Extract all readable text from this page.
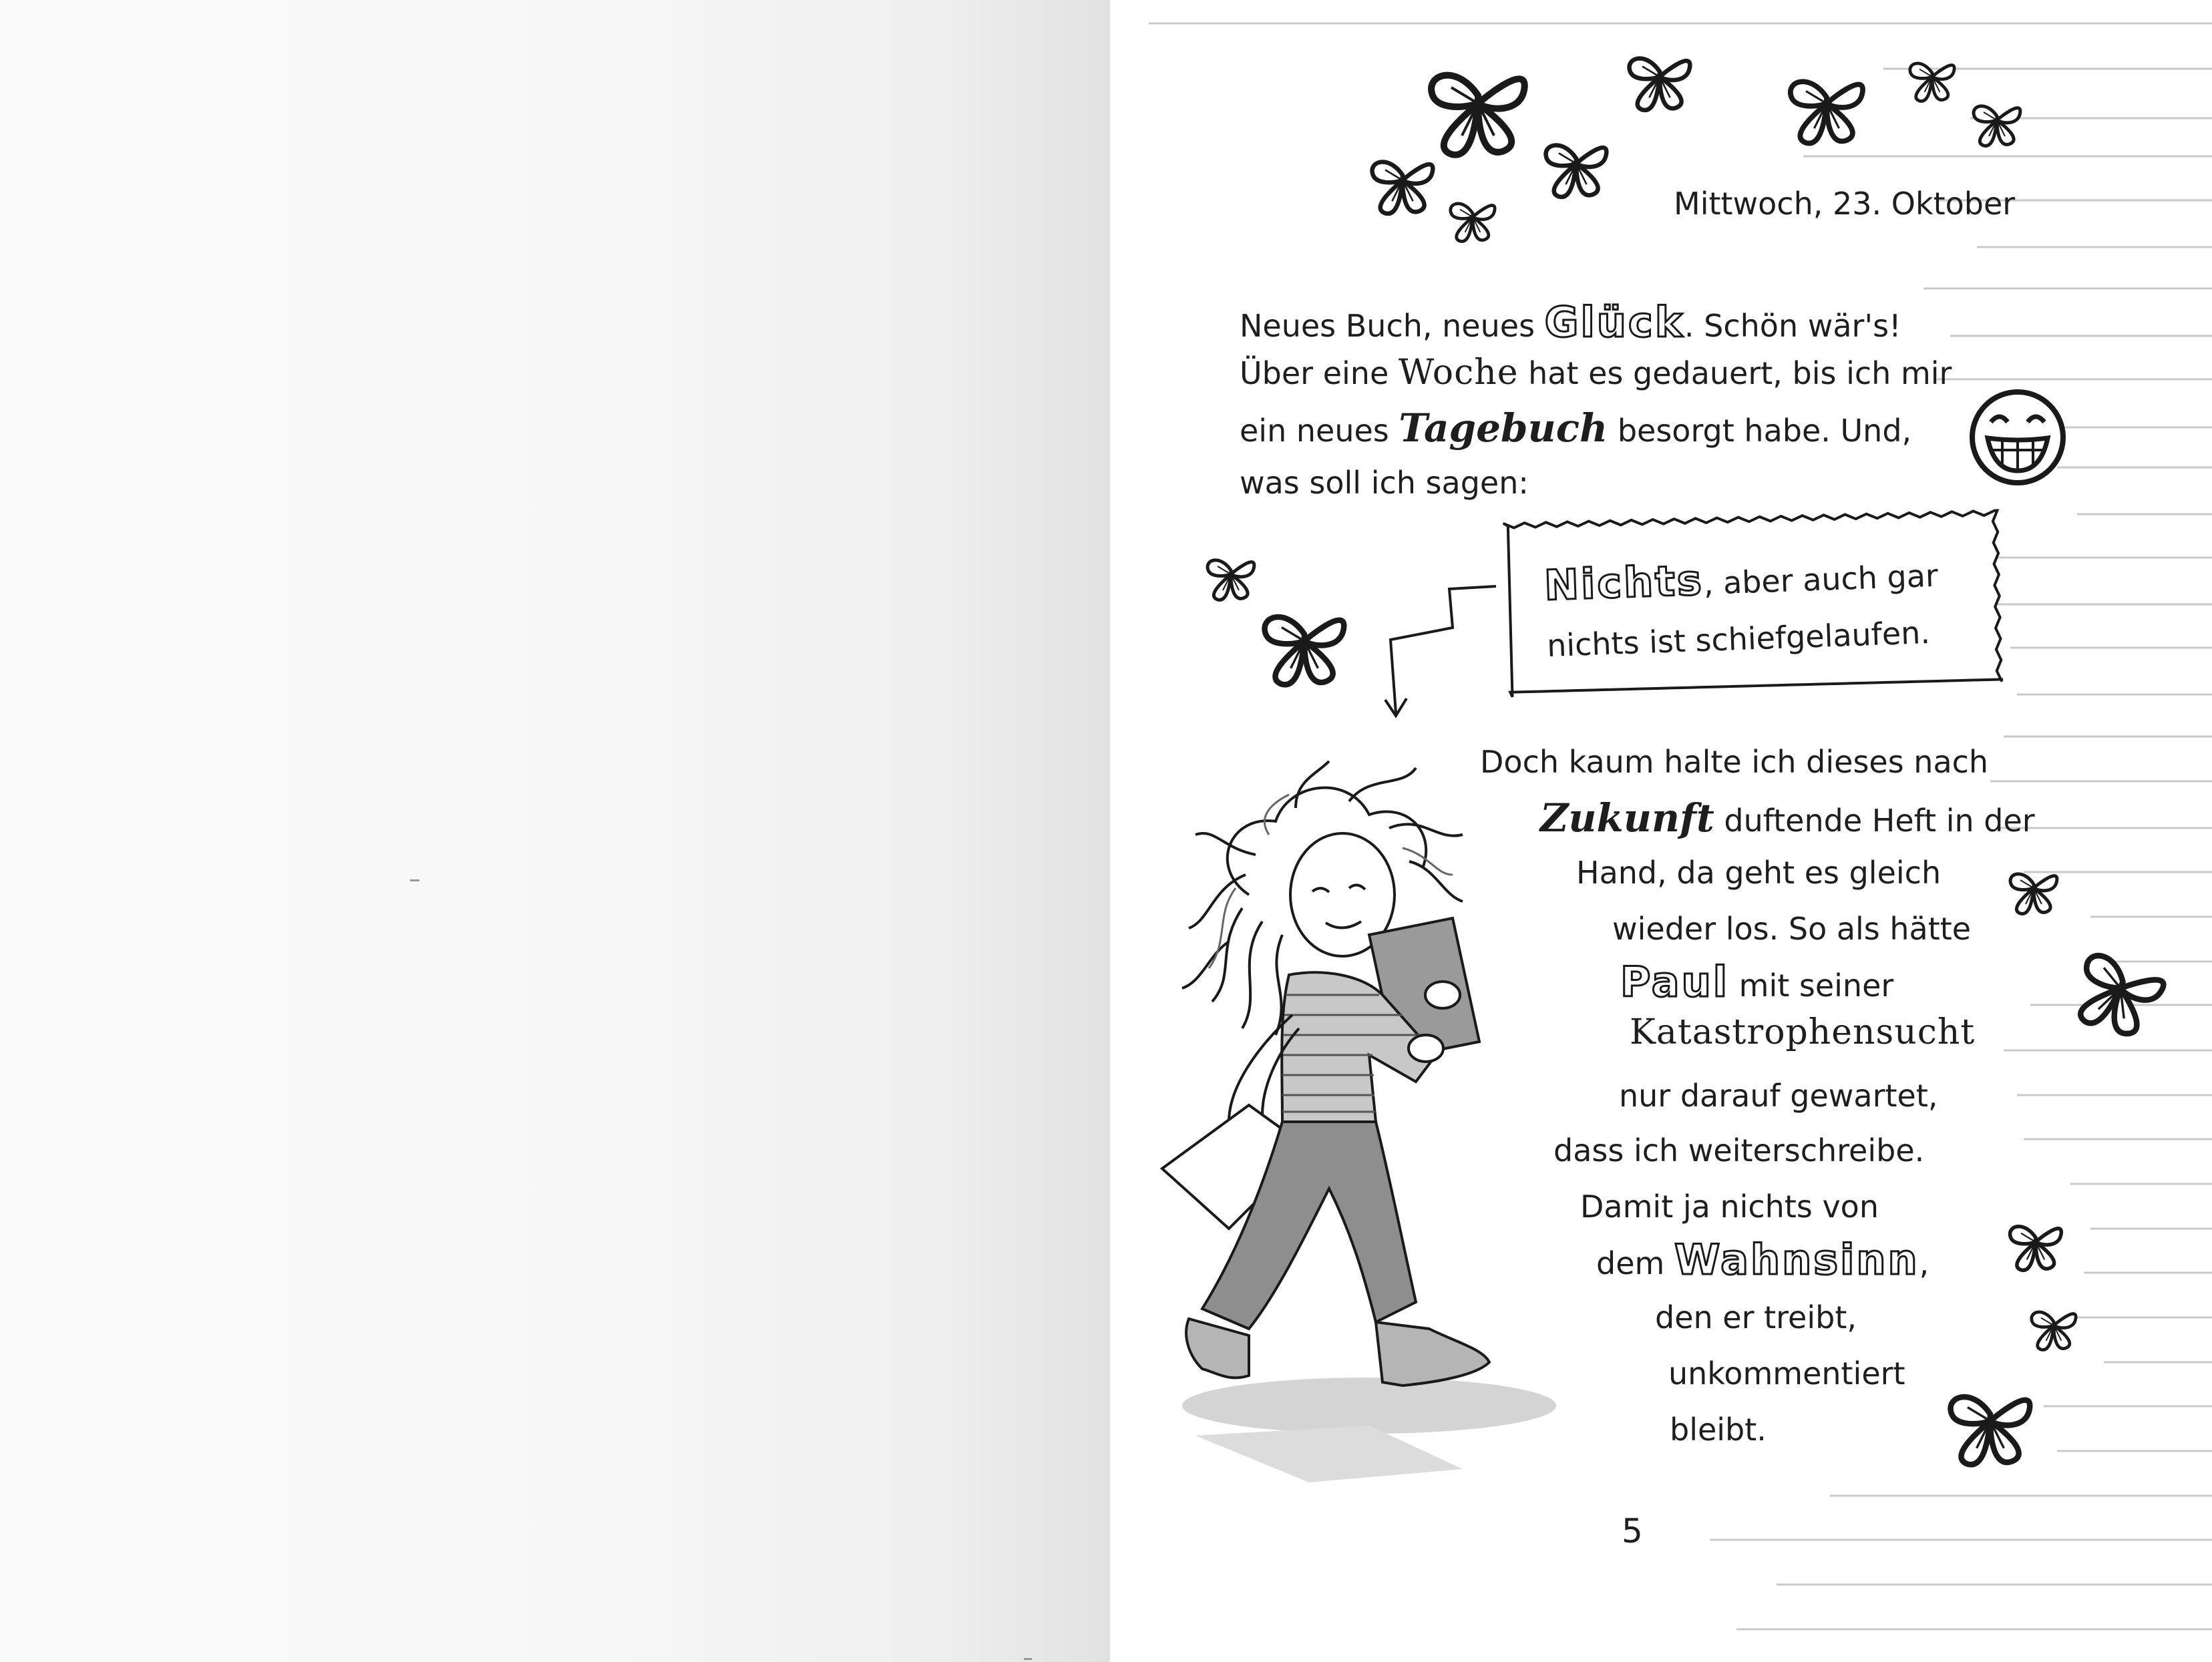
Mittwoch, 23. Oktober
Neues Buch, neues Glück. Schön wär's!
Über eine Woche hat es gedauert, bis ich mir
ein neues Tagebuch besorgt habe. Und,
was soll ich sagen:
Nichts, aber auch gar
nichts ist schiefgelaufen.
Doch kaum halte ich dieses nach
Zukunft duftende Heft in der
Hand, da geht es gleich
wieder los. So als hätte
Paul mit seiner
Katastrophensucht
nur darauf gewartet,
dass ich weiterschreibe.
Damit ja nichts von
dem Wahnsinn,
den er treibt,
unkommentiert
bleibt.
5
